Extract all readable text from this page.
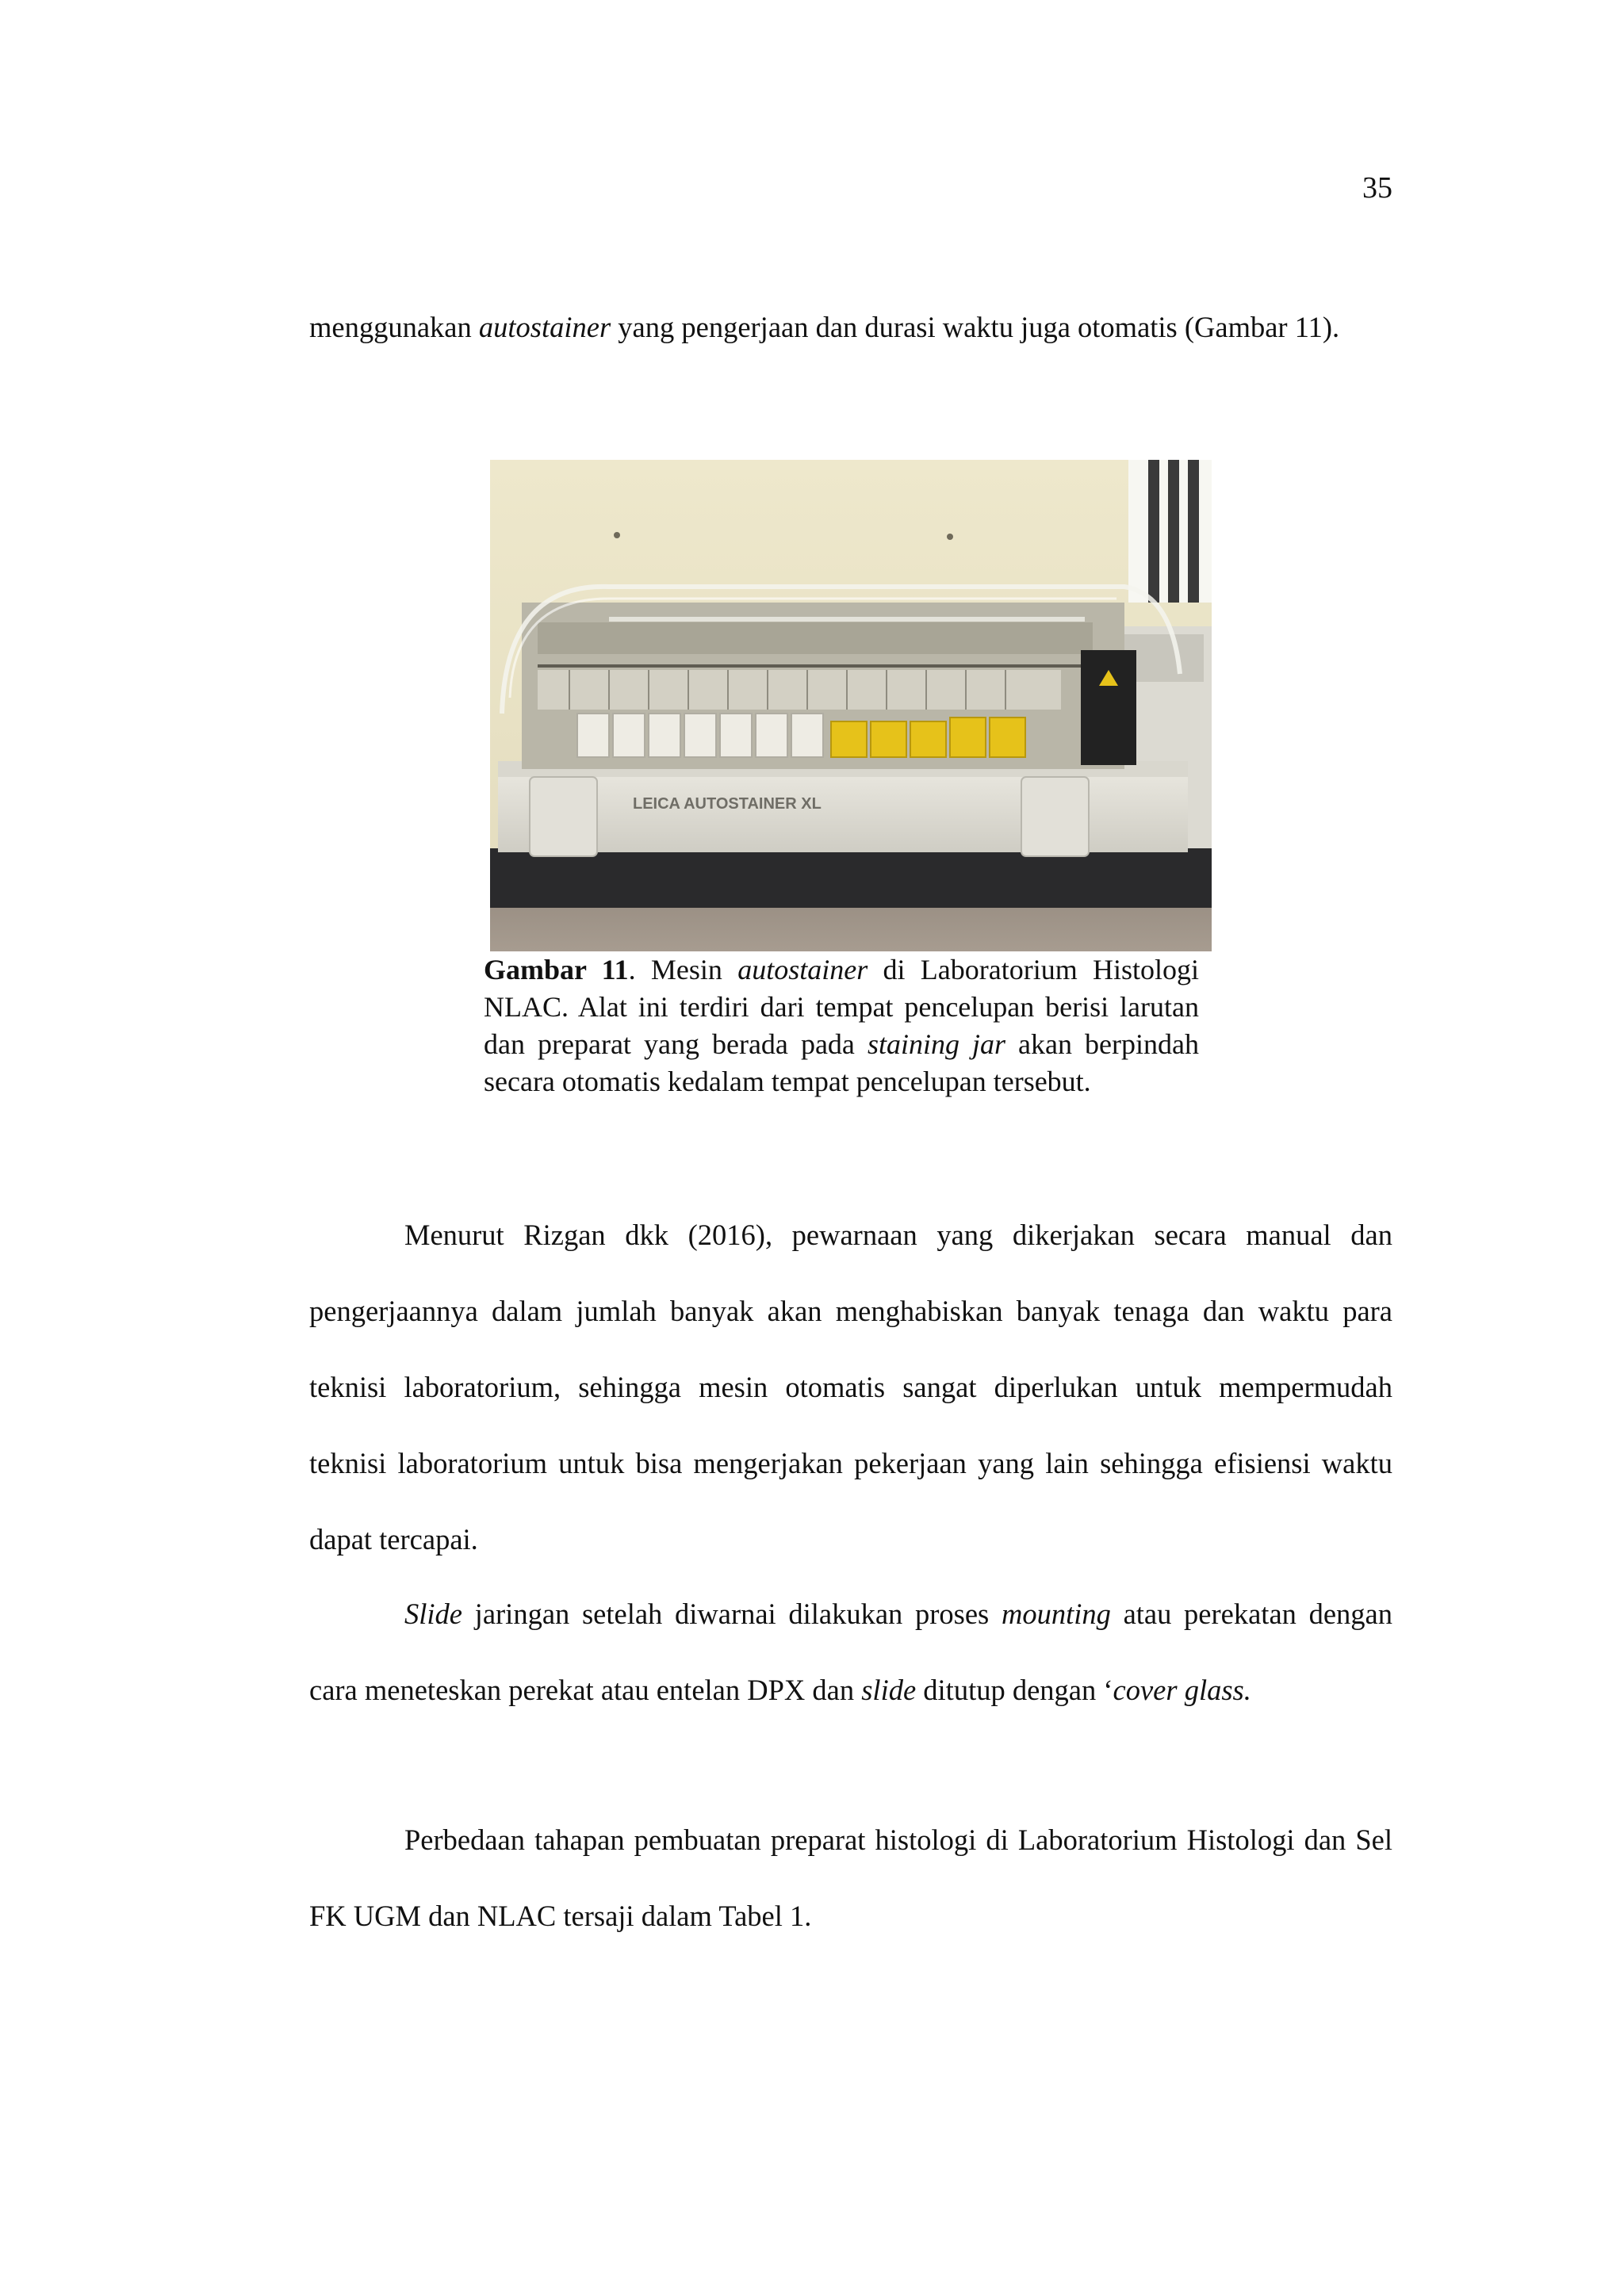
35

menggunakan autostainer yang pengerjaan dan durasi waktu juga otomatis (Gambar 11).

LEICA AUTOSTAINER XL

Gambar 11. Mesin autostainer di Laboratorium Histologi NLAC. Alat ini terdiri dari tempat pencelupan berisi larutan dan preparat yang berada pada staining jar akan berpindah secara otomatis kedalam tempat pencelupan tersebut.

Menurut Rizgan dkk (2016), pewarnaan yang dikerjakan secara manual dan pengerjaannya dalam jumlah banyak akan menghabiskan banyak tenaga dan waktu para teknisi laboratorium, sehingga mesin otomatis sangat diperlukan untuk mempermudah teknisi laboratorium untuk bisa mengerjakan pekerjaan yang lain sehingga efisiensi waktu dapat tercapai.

Slide jaringan setelah diwarnai dilakukan proses mounting atau perekatan dengan cara meneteskan perekat atau entelan DPX dan slide ditutup dengan ‘cover glass.

Perbedaan tahapan pembuatan preparat histologi di Laboratorium Histologi dan Sel FK UGM dan NLAC tersaji dalam Tabel 1.
